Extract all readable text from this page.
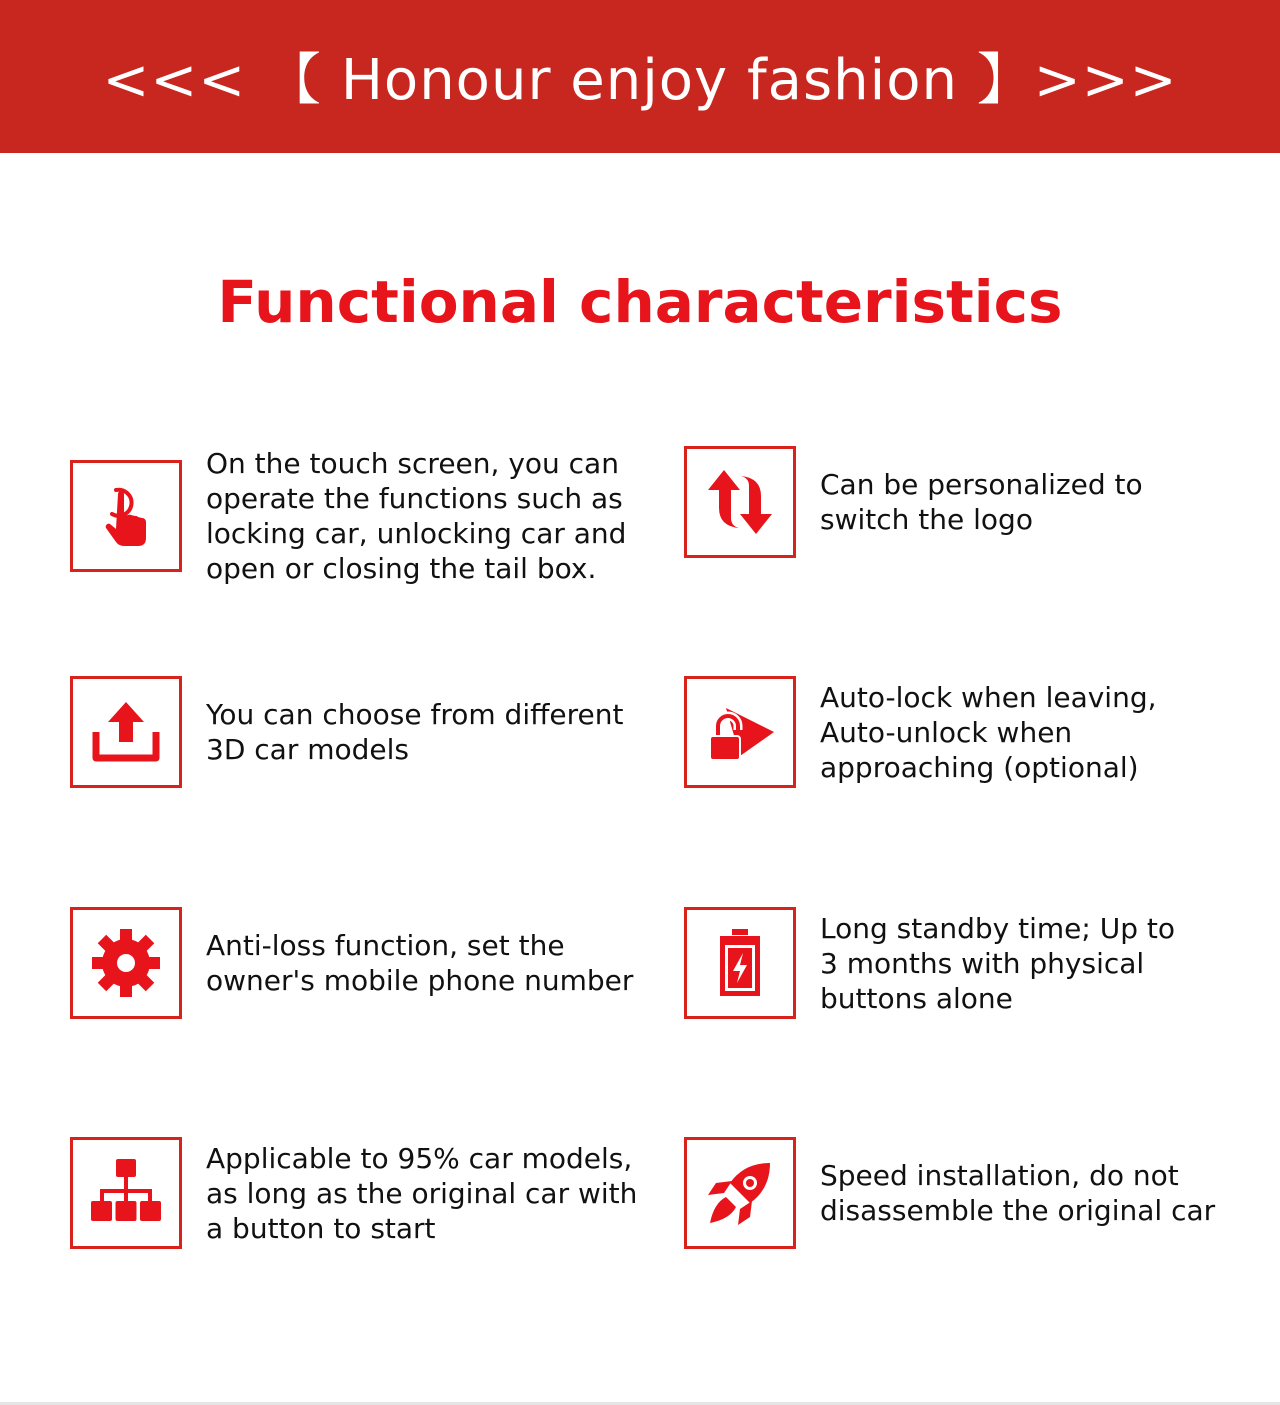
<<< 【 Honour enjoy fashion 】>>>
Functional characteristics
On the touch screen, you can
operate the functions such as
locking car, unlocking car and
open or closing the tail box.
Can be personalized to
switch the logo
You can choose from different
3D car models
Auto-lock when leaving,
Auto-unlock when
approaching (optional)
Anti-loss function, set the
owner's mobile phone number
Long standby time; Up to
3 months with physical
buttons alone
Applicable to 95% car models,
as long as the original car with
a button to start
Speed installation, do not
disassemble the original car
